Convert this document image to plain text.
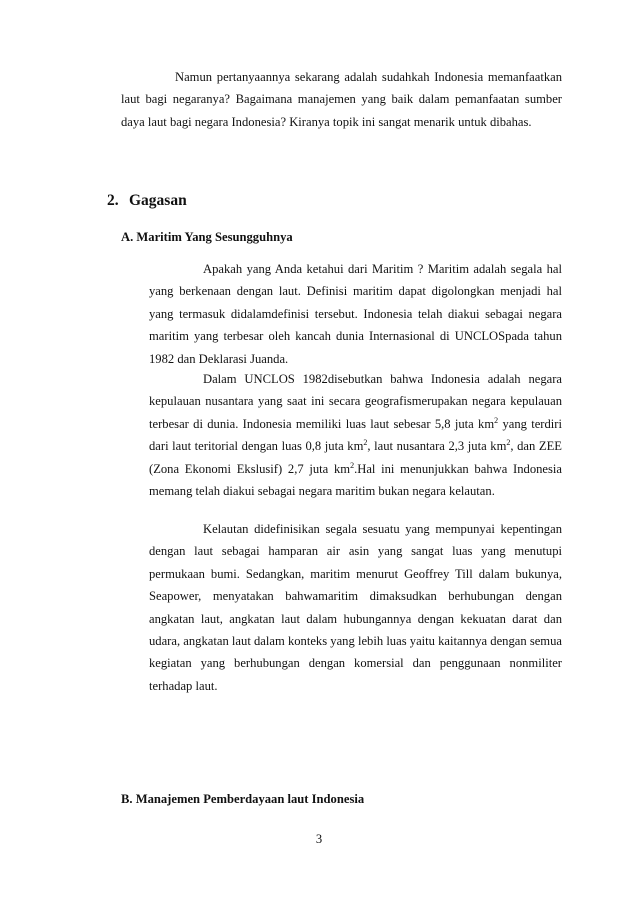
Namun pertanyaannya sekarang adalah sudahkah Indonesia memanfaatkan laut bagi negaranya? Bagaimana manajemen yang baik dalam pemanfaatan sumber daya laut bagi negara Indonesia? Kiranya topik ini sangat menarik untuk dibahas.

2. Gagasan
A. Maritim Yang Sesungguhnya

Apakah yang Anda ketahui dari Maritim ? Maritim adalah segala hal yang berkenaan dengan laut. Definisi maritim dapat digolongkan menjadi hal yang termasuk didalamdefinisi tersebut. Indonesia telah diakui sebagai negara maritim yang terbesar oleh kancah dunia Internasional di UNCLOSpada tahun 1982 dan Deklarasi Juanda.

Dalam UNCLOS 1982disebutkan bahwa Indonesia adalah negara kepulauan nusantara yang saat ini secara geografismerupakan negara kepulauan terbesar di dunia. Indonesia memiliki luas laut sebesar 5,8 juta $km^2$ yang terdiri dari laut teritorial dengan luas 0,8 juta $km^2$, laut nusantara 2,3 juta $km^2$, dan ZEE (Zona Ekonomi Ekslusif) 2,7 juta $km^2.Hal$ ini menunjukkan bahwa Indonesia memang telah diakui sebagai negara maritim bukan negara kelautan.

Kelautan didefinisikan segala sesuatu yang mempunyai kepentingan dengan laut sebagai hamparan air asin yang sangat luas yang menutupi permukaan bumi. Sedangkan, maritim menurut Geoffrey Till dalam bukunya, Seapower, menyatakan bahwamaritim dimaksudkan berhubungan dengan angkatan laut, angkatan laut dalam hubungannya dengan kekuatan darat dan udara, angkatan laut dalam konteks yang lebih luas yaitu kaitannya dengan semua kegiatan yang berhubungan dengan komersial dan penggunaan nonmiliter terhadap laut.

B. Manajemen Pemberdayaan laut Indonesia
3
